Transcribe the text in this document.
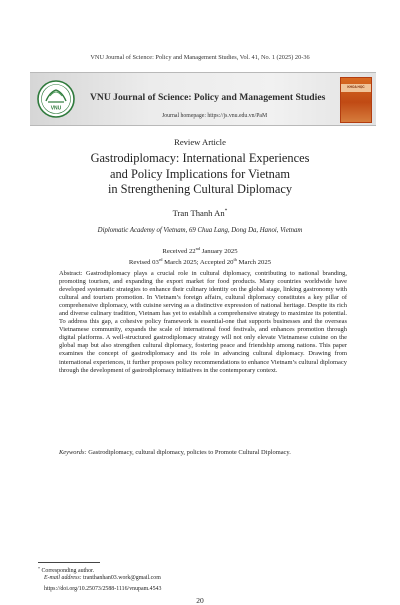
VNU Journal of Science: Policy and Management Studies, Vol. 41, No. 1 (2025) 20-36
VNU
VNU Journal of Science: Policy and Management Studies
Journal homepage: https://js.vnu.edu.vn/PaM
KHOA HỌC
Review Article
Gastrodiplomacy: International Experiences
and Policy Implications for Vietnam
in Strengthening Cultural Diplomacy
Tran Thanh An*
Diplomatic Academy of Vietnam, 69 Chua Lang, Dong Da, Hanoi, Vietnam
Received 22nd January 2025
Revised 03rd March 2025; Accepted 20th March 2025
Abstract: Gastrodiplomacy plays a crucial role in cultural diplomacy, contributing to national branding, promoting tourism, and expanding the export market for food products. Many countries worldwide have developed systematic strategies to enhance their culinary identity on the global stage, linking gastronomy with cultural and tourism promotion. In Vietnam’s foreign affairs, cultural diplomacy constitutes a key pillar of comprehensive diplomacy, with cuisine serving as a distinctive expression of national heritage. Despite its rich and diverse culinary tradition, Vietnam has yet to establish a comprehensive strategy to maximize its potential. To address this gap, a cohesive policy framework is essential-one that supports businesses and the overseas Vietnamese community, expands the scale of international food festivals, and enhances promotion through digital platforms. A well-structured gastrodiplomacy strategy will not only elevate Vietnamese cuisine on the global map but also strengthen cultural diplomacy, fostering peace and friendship among nations. This paper examines the concept of gastrodiplomacy and its role in advancing cultural diplomacy. Drawing from international experiences, it further proposes policy recommendations to enhance Vietnam’s cultural diplomacy through the development of gastrodiplomacy initiatives in the contemporary context.
Keywords: Gastrodiplomacy, cultural diplomacy, policies to Promote Cultural Diplomacy.
* Corresponding author.
E-mail address: tranthanhan03.work@gmail.com
https://doi.org/10.25073/2588-1116/vnupam.4543
20
